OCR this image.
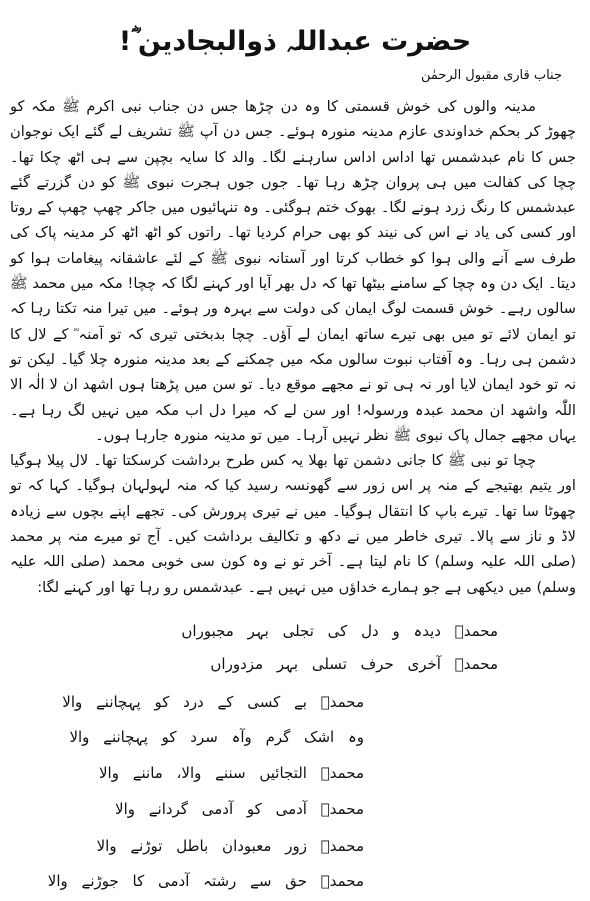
حضرت عبداللہ ذوالبجادین ؓ!
جناب قاری مقبول الرحمٰن

مدینہ والوں کی خوش قسمتی کا وہ دن چڑھا جس دن جناب نبی اکرم ﷺ مکہ کو چھوڑ کر بحکم خداوندی عازم مدینہ منورہ ہوئے۔ جس دن آپ ﷺ تشریف لے گئے ایک نوجوان جس کا نام عبدشمس تھا اداس اداس سارہنے لگا۔ والد کا سایہ بچپن سے ہی اٹھ چکا تھا۔ چچا کی کفالت میں ہی پروان چڑھ رہا تھا۔ جوں جوں ہجرت نبوی ﷺ کو دن گزرتے گئے عبدشمس کا رنگ زرد ہونے لگا۔ بھوک ختم ہوگئی۔ وہ تنہائیوں میں جاکر چھپ چھپ کے روتا اور کسی کی یاد نے اس کی نیند کو بھی حرام کردیا تھا۔ راتوں کو اٹھ اٹھ کر مدینہ پاک کی طرف سے آنے والی ہوا کو خطاب کرتا اور آستانہ نبوی ﷺ کے لئے عاشقانہ پیغامات ہوا کو دیتا۔ ایک دن وہ چچا کے سامنے بیٹھا تھا کہ دل بھر آیا اور کہنے لگا کہ چچا! مکہ میں محمد ﷺ سالوں رہے۔ خوش قسمت لوگ ایمان کی دولت سے بہرہ ور ہوئے۔ میں تیرا منہ تکتا رہا کہ تو ایمان لائے تو میں بھی تیرے ساتھ ایمان لے آؤں۔ چچا بدبختی تیری کہ تو آمنہ ؓ کے لال کا دشمن ہی رہا۔ وہ آفتاب نبوت سالوں مکہ میں چمکنے کے بعد مدینہ منورہ چلا گیا۔ لیکن تو نہ تو خود ایمان لایا اور نہ ہی تو نے مجھے موقع دیا۔ تو سن میں پڑھتا ہوں اشھد ان لا الٰہ الا اللّٰہ واشھد ان محمد عبدہ ورسولہ! اور سن لے کہ میرا دل اب مکہ میں نہیں لگ رہا ہے۔ یہاں مجھے جمال پاک نبوی ﷺ نظر نہیں آرہا۔ میں تو مدینہ منورہ جارہا ہوں۔

چچا تو نبی ﷺ کا جانی دشمن تھا بھلا یہ کس طرح برداشت کرسکتا تھا۔ لال پیلا ہوگیا اور یتیم بھتیجے کے منہ پر اس زور سے گھونسہ رسید کیا کہ منہ لہولہان ہوگیا۔ کہا کہ تو چھوٹا سا تھا۔ تیرے باپ کا انتقال ہوگیا۔ میں نے تیری پرورش کی۔ تجھے اپنے بچوں سے زیادہ لاڈ و ناز سے پالا۔ تیری خاطر میں نے دکھ و تکالیف برداشت کیں۔ آج تو میرے منہ پر محمد (صلی اللہ علیہ وسلم) کا نام لیتا ہے۔ آخر تو نے وہ کون سی خوبی محمد (صلی اللہ علیہ وسلم) میں دیکھی ہے جو ہمارے خداؤں میں نہیں ہے۔ عبدشمس رو رہا تھا اور کہنے لگا:

محمدؐ دیدہ و دل کی تجلی بہر مجبوراں
محمدؐ آخری حرف تسلی بہر مزدوراں
محمدؐ بے کسی کے درد کو پہچاننے والا
وہ اشک گرم وآہ سرد کو پہچاننے والا
محمدؐ التجائیں سننے والا، ماننے والا
محمدؐ آدمی کو آدمی گردانے والا
محمدؐ زور معبودان باطل توڑنے والا
محمدؐ حق سے رشتہ آدمی کا جوڑنے والا
